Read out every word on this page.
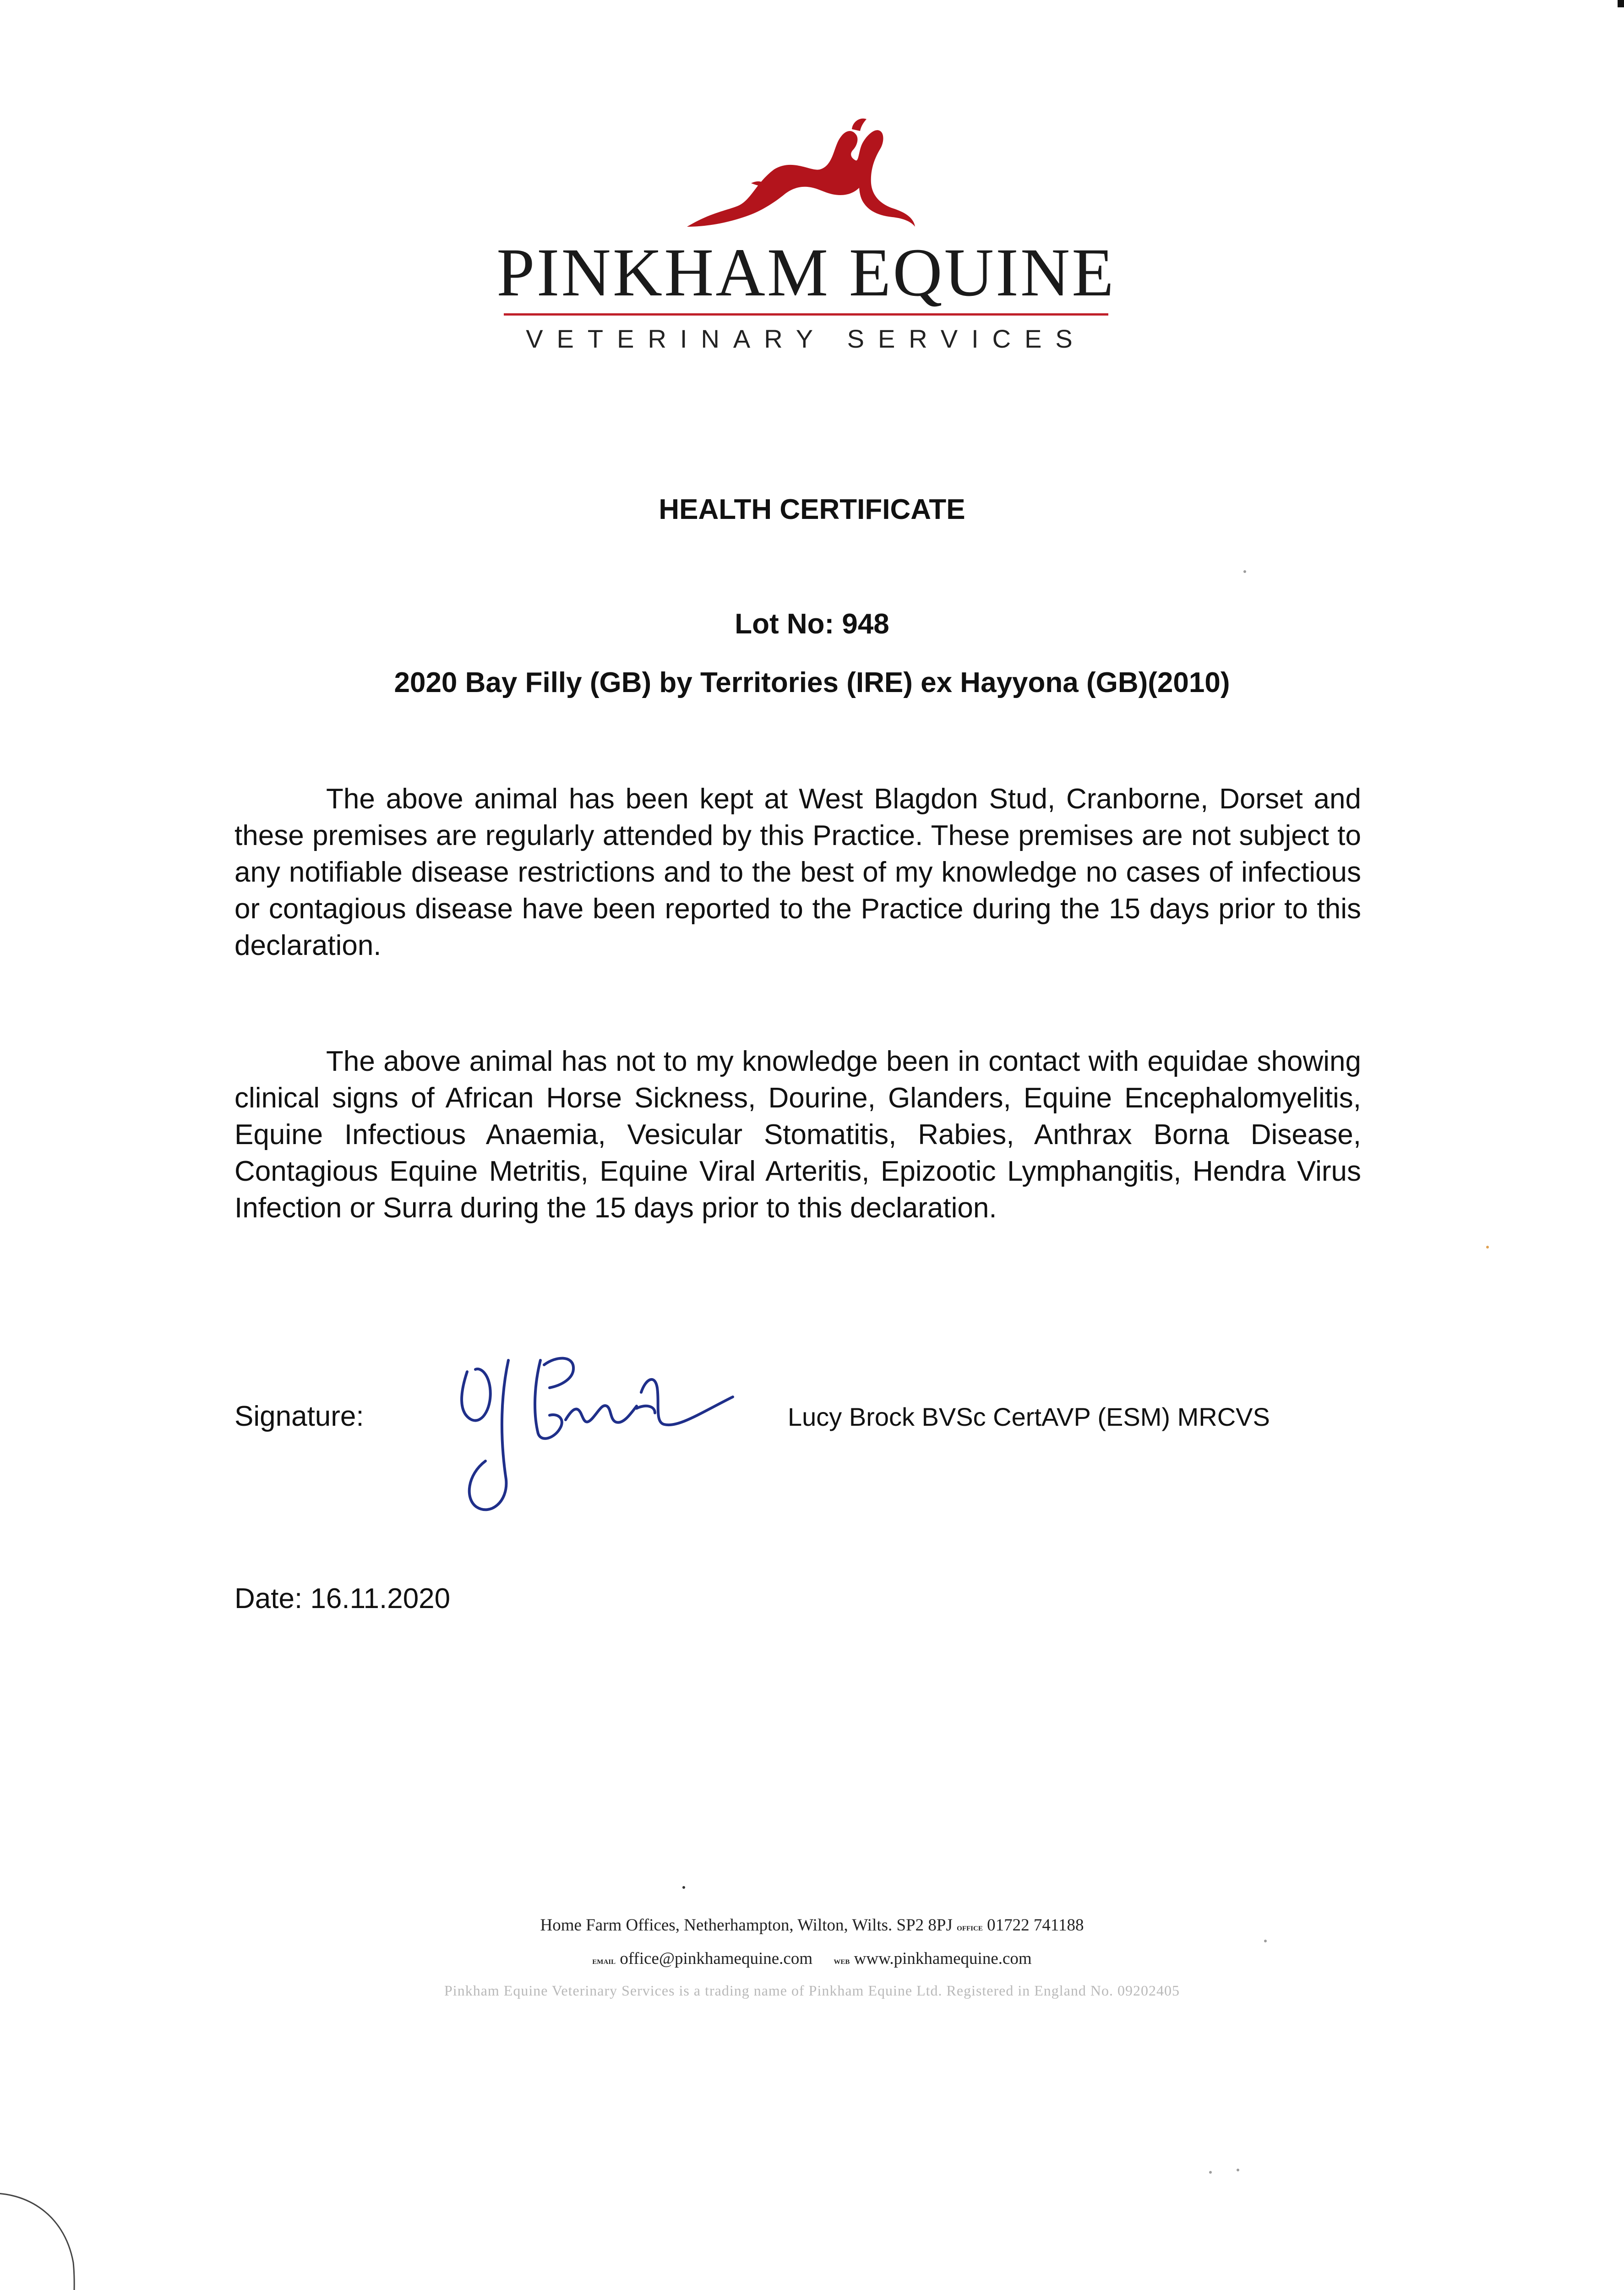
PINKHAM EQUINE
VETERINARY SERVICES
HEALTH CERTIFICATE
Lot No: 948
2020 Bay Filly (GB) by Territories (IRE) ex Hayyona (GB)(2010)
The above animal has been kept at West Blagdon Stud, Cranborne, Dorset and these premises are regularly attended by this Practice. These premises are not subject to any notifiable disease restrictions and to the best of my knowledge no cases of infectious or contagious disease have been reported to the Practice during the 15 days prior to this declaration.
The above animal has not to my knowledge been in contact with equidae showing clinical signs of African Horse Sickness, Dourine, Glanders, Equine Encephalomyelitis, Equine Infectious Anaemia, Vesicular Stomatitis, Rabies, Anthrax Borna Disease, Contagious Equine Metritis, Equine Viral Arteritis, Epizootic Lymphangitis, Hendra Virus Infection or Surra during the 15 days prior to this declaration.
Signature:	Lucy Brock BVSc CertAVP (ESM) MRCVS
Date: 16.11.2020
Home Farm Offices, Netherhampton, Wilton, Wilts. SP2 8PJ office 01722 741188
email office@pinkhamequine.com web www.pinkhamequine.com
Pinkham Equine Veterinary Services is a trading name of Pinkham Equine Ltd. Registered in England No. 09202405
